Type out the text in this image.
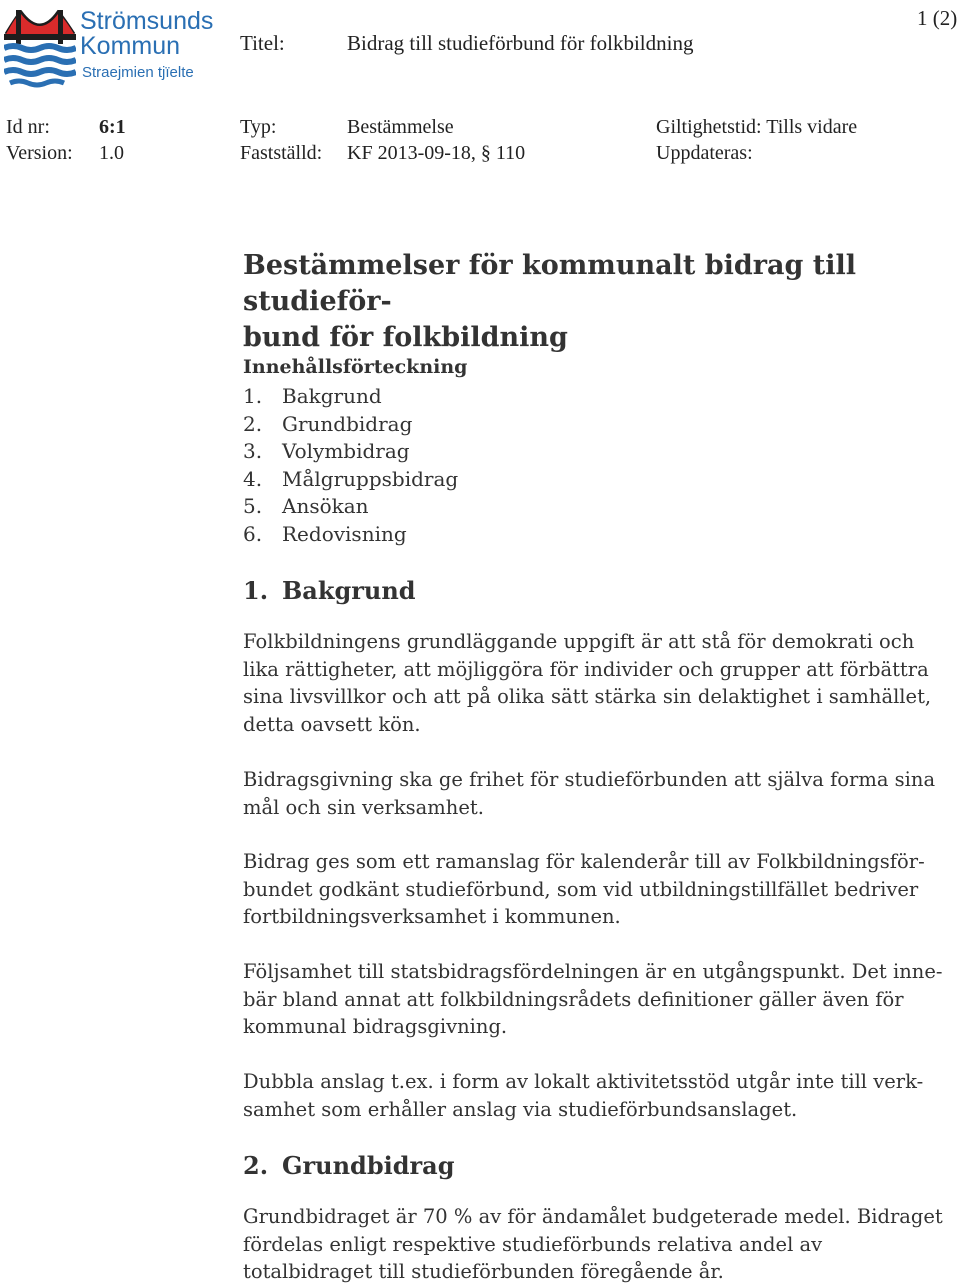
Strömsunds
Kommun
Straejmien tjïelte
Titel:	Bidrag till studieförbund för folkbildning
1 (2)
Id nr: 6:1
Version: 1.0
Typ:	Bestämmelse
Fastställd: KF 2013-09-18, § 110
Giltighetstid: Tills vidare
Uppdateras:
Bestämmelser för kommunalt bidrag till studieför-
bund för folkbildning
Innehållsförteckning
1. Bakgrund
2. Grundbidrag
3. Volymbidrag
4. Målgruppsbidrag
5. Ansökan
6. Redovisning
1. Bakgrund
Folkbildningens grundläggande uppgift är att stå för demokrati och lika rättigheter, att möjliggöra för individer och grupper att förbättra sina livsvillkor och att på olika sätt stärka sin delaktighet i samhället, detta oavsett kön.
Bidragsgivning ska ge frihet för studieförbunden att själva forma sina mål och sin verksamhet.
Bidrag ges som ett ramanslag för kalenderår till av Folkbildningsför-bundet godkänt studieförbund, som vid utbildningstillfället bedriver fortbildningsverksamhet i kommunen.
Följsamhet till statsbidragsfördelningen är en utgångspunkt. Det inne-bär bland annat att folkbildningsrådets definitioner gäller även för kommunal bidragsgivning.
Dubbla anslag t.ex. i form av lokalt aktivitetsstöd utgår inte till verk-samhet som erhåller anslag via studieförbundsanslaget.
2. Grundbidrag
Grundbidraget är 70 % av för ändamålet budgeterade medel. Bidraget fördelas enligt respektive studieförbunds relativa andel av totalbidraget till studieförbunden föregående år.
